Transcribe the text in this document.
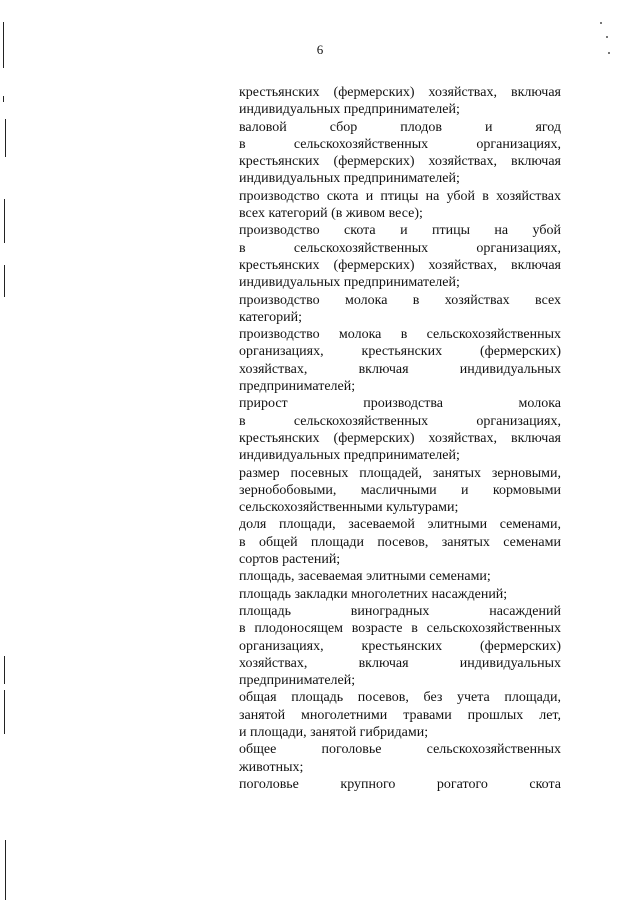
6
крестьянских (фермерских) хозяйствах, включая
индивидуальных предпринимателей;
валовой сбор плодов и ягод
в сельскохозяйственных организациях,
крестьянских (фермерских) хозяйствах, включая
индивидуальных предпринимателей;
производство скота и птицы на убой в хозяйствах
всех категорий (в живом весе);
производство скота и птицы на убой
в сельскохозяйственных организациях,
крестьянских (фермерских) хозяйствах, включая
индивидуальных предпринимателей;
производство молока в хозяйствах всех
категорий;
производство молока в сельскохозяйственных
организациях, крестьянских (фермерских)
хозяйствах, включая индивидуальных
предпринимателей;
прирост производства молока
в сельскохозяйственных организациях,
крестьянских (фермерских) хозяйствах, включая
индивидуальных предпринимателей;
размер посевных площадей, занятых зерновыми,
зернобобовыми, масличными и кормовыми
сельскохозяйственными культурами;
доля площади, засеваемой элитными семенами,
в общей площади посевов, занятых семенами
сортов растений;
площадь, засеваемая элитными семенами;
площадь закладки многолетних насаждений;
площадь виноградных насаждений
в плодоносящем возрасте в сельскохозяйственных
организациях, крестьянских (фермерских)
хозяйствах, включая индивидуальных
предпринимателей;
общая площадь посевов, без учета площади,
занятой многолетними травами прошлых лет,
и площади, занятой гибридами;
общее поголовье сельскохозяйственных
животных;
поголовье крупного рогатого скота
